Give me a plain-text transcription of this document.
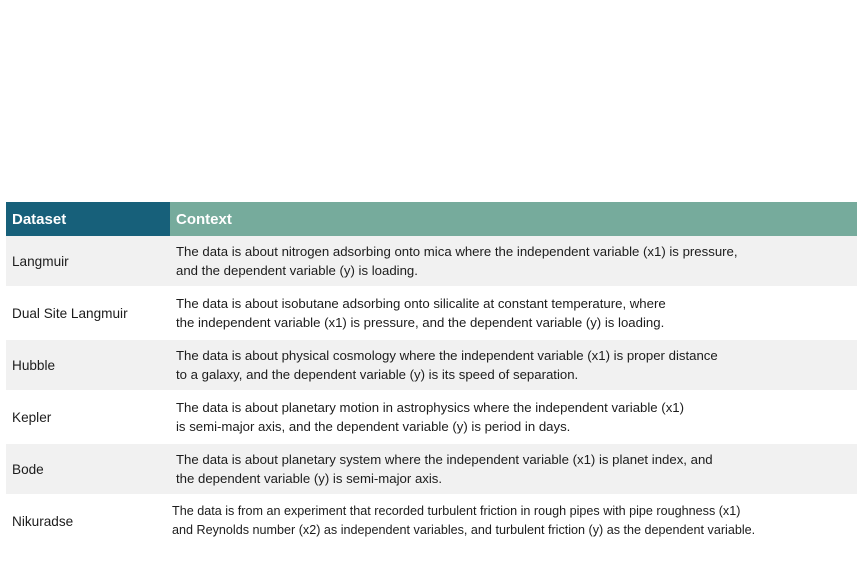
Dataset	Context
Langmuir	The data is about nitrogen adsorbing onto mica where the independent variable (x1) is pressure,
and the dependent variable (y) is loading.
Dual Site Langmuir	The data is about isobutane adsorbing onto silicalite at constant temperature, where
the independent variable (x1) is pressure, and the dependent variable (y) is loading.
Hubble	The data is about physical cosmology where the independent variable (x1) is proper distance
to a galaxy, and the dependent variable (y) is its speed of separation.
Kepler	The data is about planetary motion in astrophysics where the independent variable (x1)
is semi-major axis, and the dependent variable (y) is period in days.
Bode	The data is about planetary system where the independent variable (x1) is planet index, and
the dependent variable (y) is semi-major axis.
Nikuradse	The data is from an experiment that recorded turbulent friction in rough pipes with pipe roughness (x1)
and Reynolds number (x2) as independent variables, and turbulent friction (y) as the dependent variable.
